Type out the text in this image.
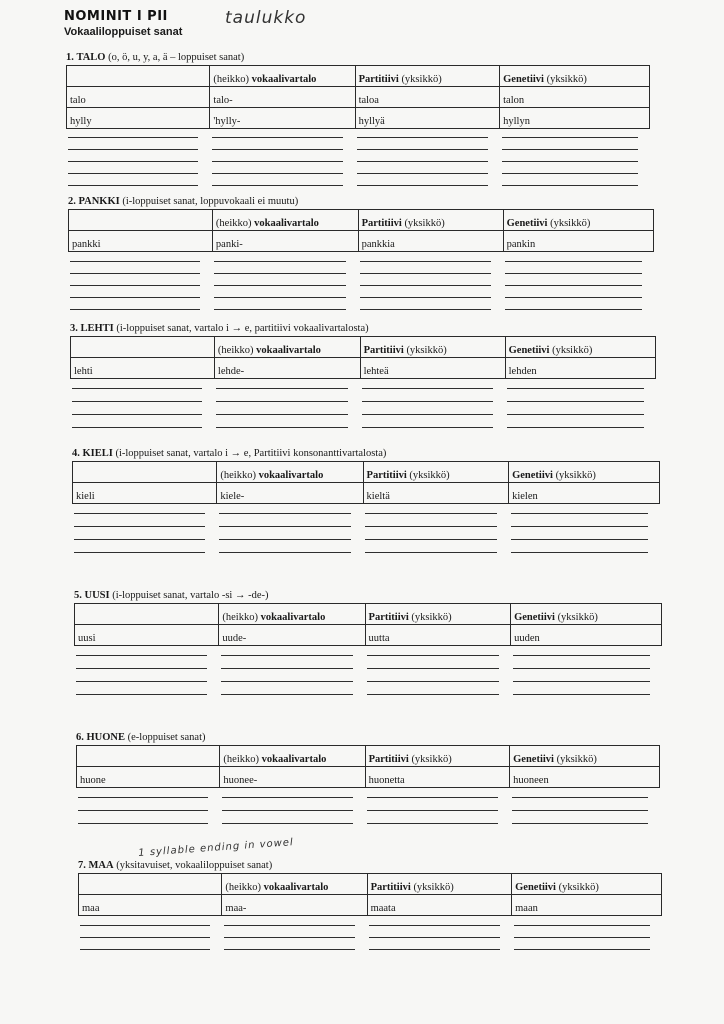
NOMINIT I PII
Vokaaliloppuiset sanat
taulukko
1 syllable ending in vowel
1. TALO (o, ö, u, y, a, ä – loppuiset sanat)
	(heikko) vokaalivartalo	Partitiivi (yksikkö)	Genetiivi (yksikkö)
talo	talo-	taloa	talon
hylly	'hylly-	hyllyä	hyllyn
2. PANKKI (i-loppuiset sanat, loppuvokaali ei muutu)
	(heikko) vokaalivartalo	Partitiivi (yksikkö)	Genetiivi (yksikkö)
pankki	panki-	pankkia	pankin
3. LEHTI (i-loppuiset sanat, vartalo i → e, partitiivi vokaalivartalosta)
	(heikko) vokaalivartalo	Partitiivi (yksikkö)	Genetiivi (yksikkö)
lehti	lehde-	lehteä	lehden
4. KIELI (i-loppuiset sanat, vartalo i → e, Partitiivi konsonanttivartalosta)
	(heikko) vokaalivartalo	Partitiivi (yksikkö)	Genetiivi (yksikkö)
kieli	kiele-	kieltä	kielen
5. UUSI (i-loppuiset sanat, vartalo -si → -de-)
	(heikko) vokaalivartalo	Partitiivi (yksikkö)	Genetiivi (yksikkö)
uusi	uude-	uutta	uuden
6. HUONE (e-loppuiset sanat)
	(heikko) vokaalivartalo	Partitiivi (yksikkö)	Genetiivi (yksikkö)
huone	huonee-	huonetta	huoneen
7. MAA (yksitavuiset, vokaaliloppuiset sanat)
	(heikko) vokaalivartalo	Partitiivi (yksikkö)	Genetiivi (yksikkö)
maa	maa-	maata	maan
